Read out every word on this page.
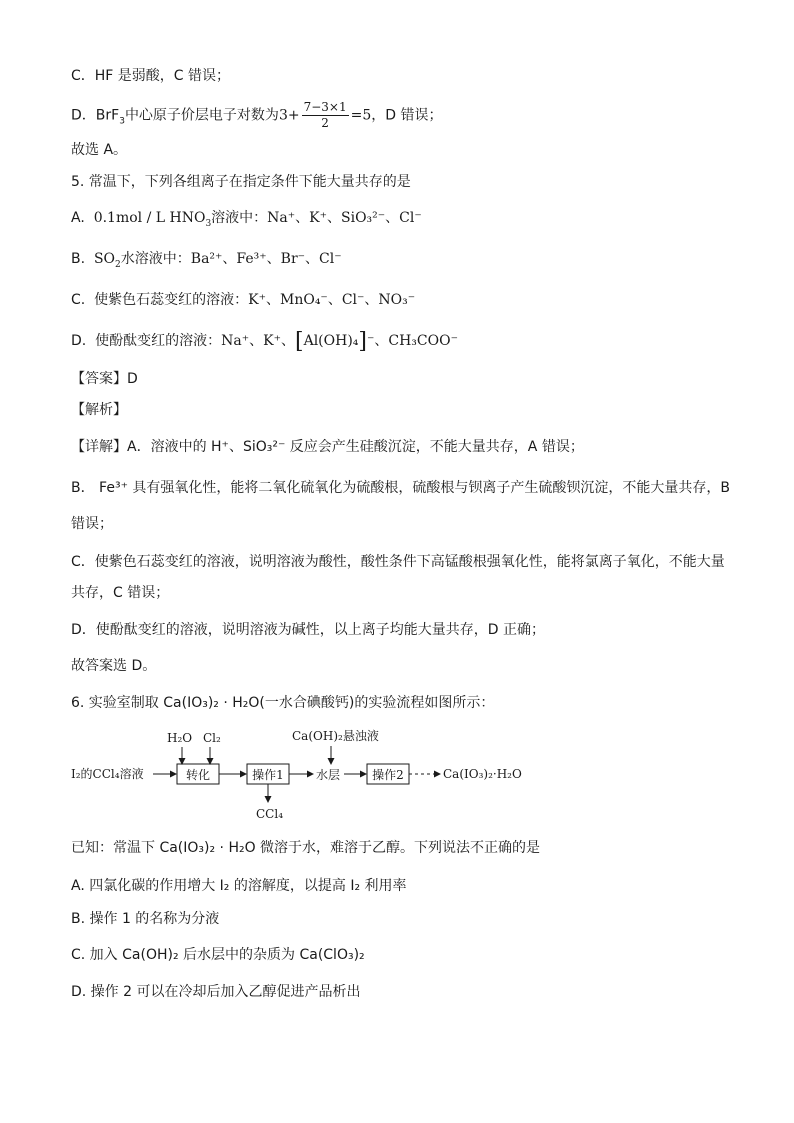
C．HF 是弱酸，C 错误；
D．BrF$_3$中心原子价层电子对数为$3+ \frac{7-3\times 1}{2} =5$，D 错误；
故选 A。
5. 常温下，下列各组离子在指定条件下能大量共存的是
A. 0.1mol / L $HNO_3$溶液中：Na⁺、K⁺、SiO₃²⁻、Cl⁻
B. $SO_2$水溶液中：Ba²⁺、Fe³⁺、Br⁻、Cl⁻
C. 使紫色石蕊变红的溶液：K⁺、MnO₄⁻、Cl⁻、NO₃⁻
D. 使酚酞变红的溶液：Na⁺、K⁺、[Al(OH)₄]⁻、CH₃COO⁻
【答案】D
【解析】
【详解】A．溶液中的 H⁺、SiO₃²⁻ 反应会产生硅酸沉淀，不能大量共存，A 错误；
B． Fe³⁺ 具有强氧化性，能将二氧化硫氧化为硫酸根，硫酸根与钡离子产生硫酸钡沉淀，不能大量共存，B
错误；
C．使紫色石蕊变红的溶液，说明溶液为酸性，酸性条件下高锰酸根强氧化性，能将氯离子氧化，不能大量
共存，C 错误；
D．使酚酞变红的溶液，说明溶液为碱性，以上离子均能大量共存，D 正确；
故答案选 D。
6. 实验室制取 Ca(IO₃)₂ · H₂O(一水合碘酸钙)的实验流程如图所示：
H₂O Cl₂	Ca(OH)₂悬浊液
I₂的CCl₄溶液	转化	操作1
CCl₄
水层	操作2	Ca(IO₃)₂·H₂O
已知：常温下 Ca(IO₃)₂ · H₂O 微溶于水，难溶于乙醇。下列说法不正确的是
A. 四氯化碳的作用增大 I₂ 的溶解度，以提高 I₂ 利用率
B. 操作 1 的名称为分液
C. 加入 Ca(OH)₂ 后水层中的杂质为 Ca(ClO₃)₂
D. 操作 2 可以在冷却后加入乙醇促进产品析出
